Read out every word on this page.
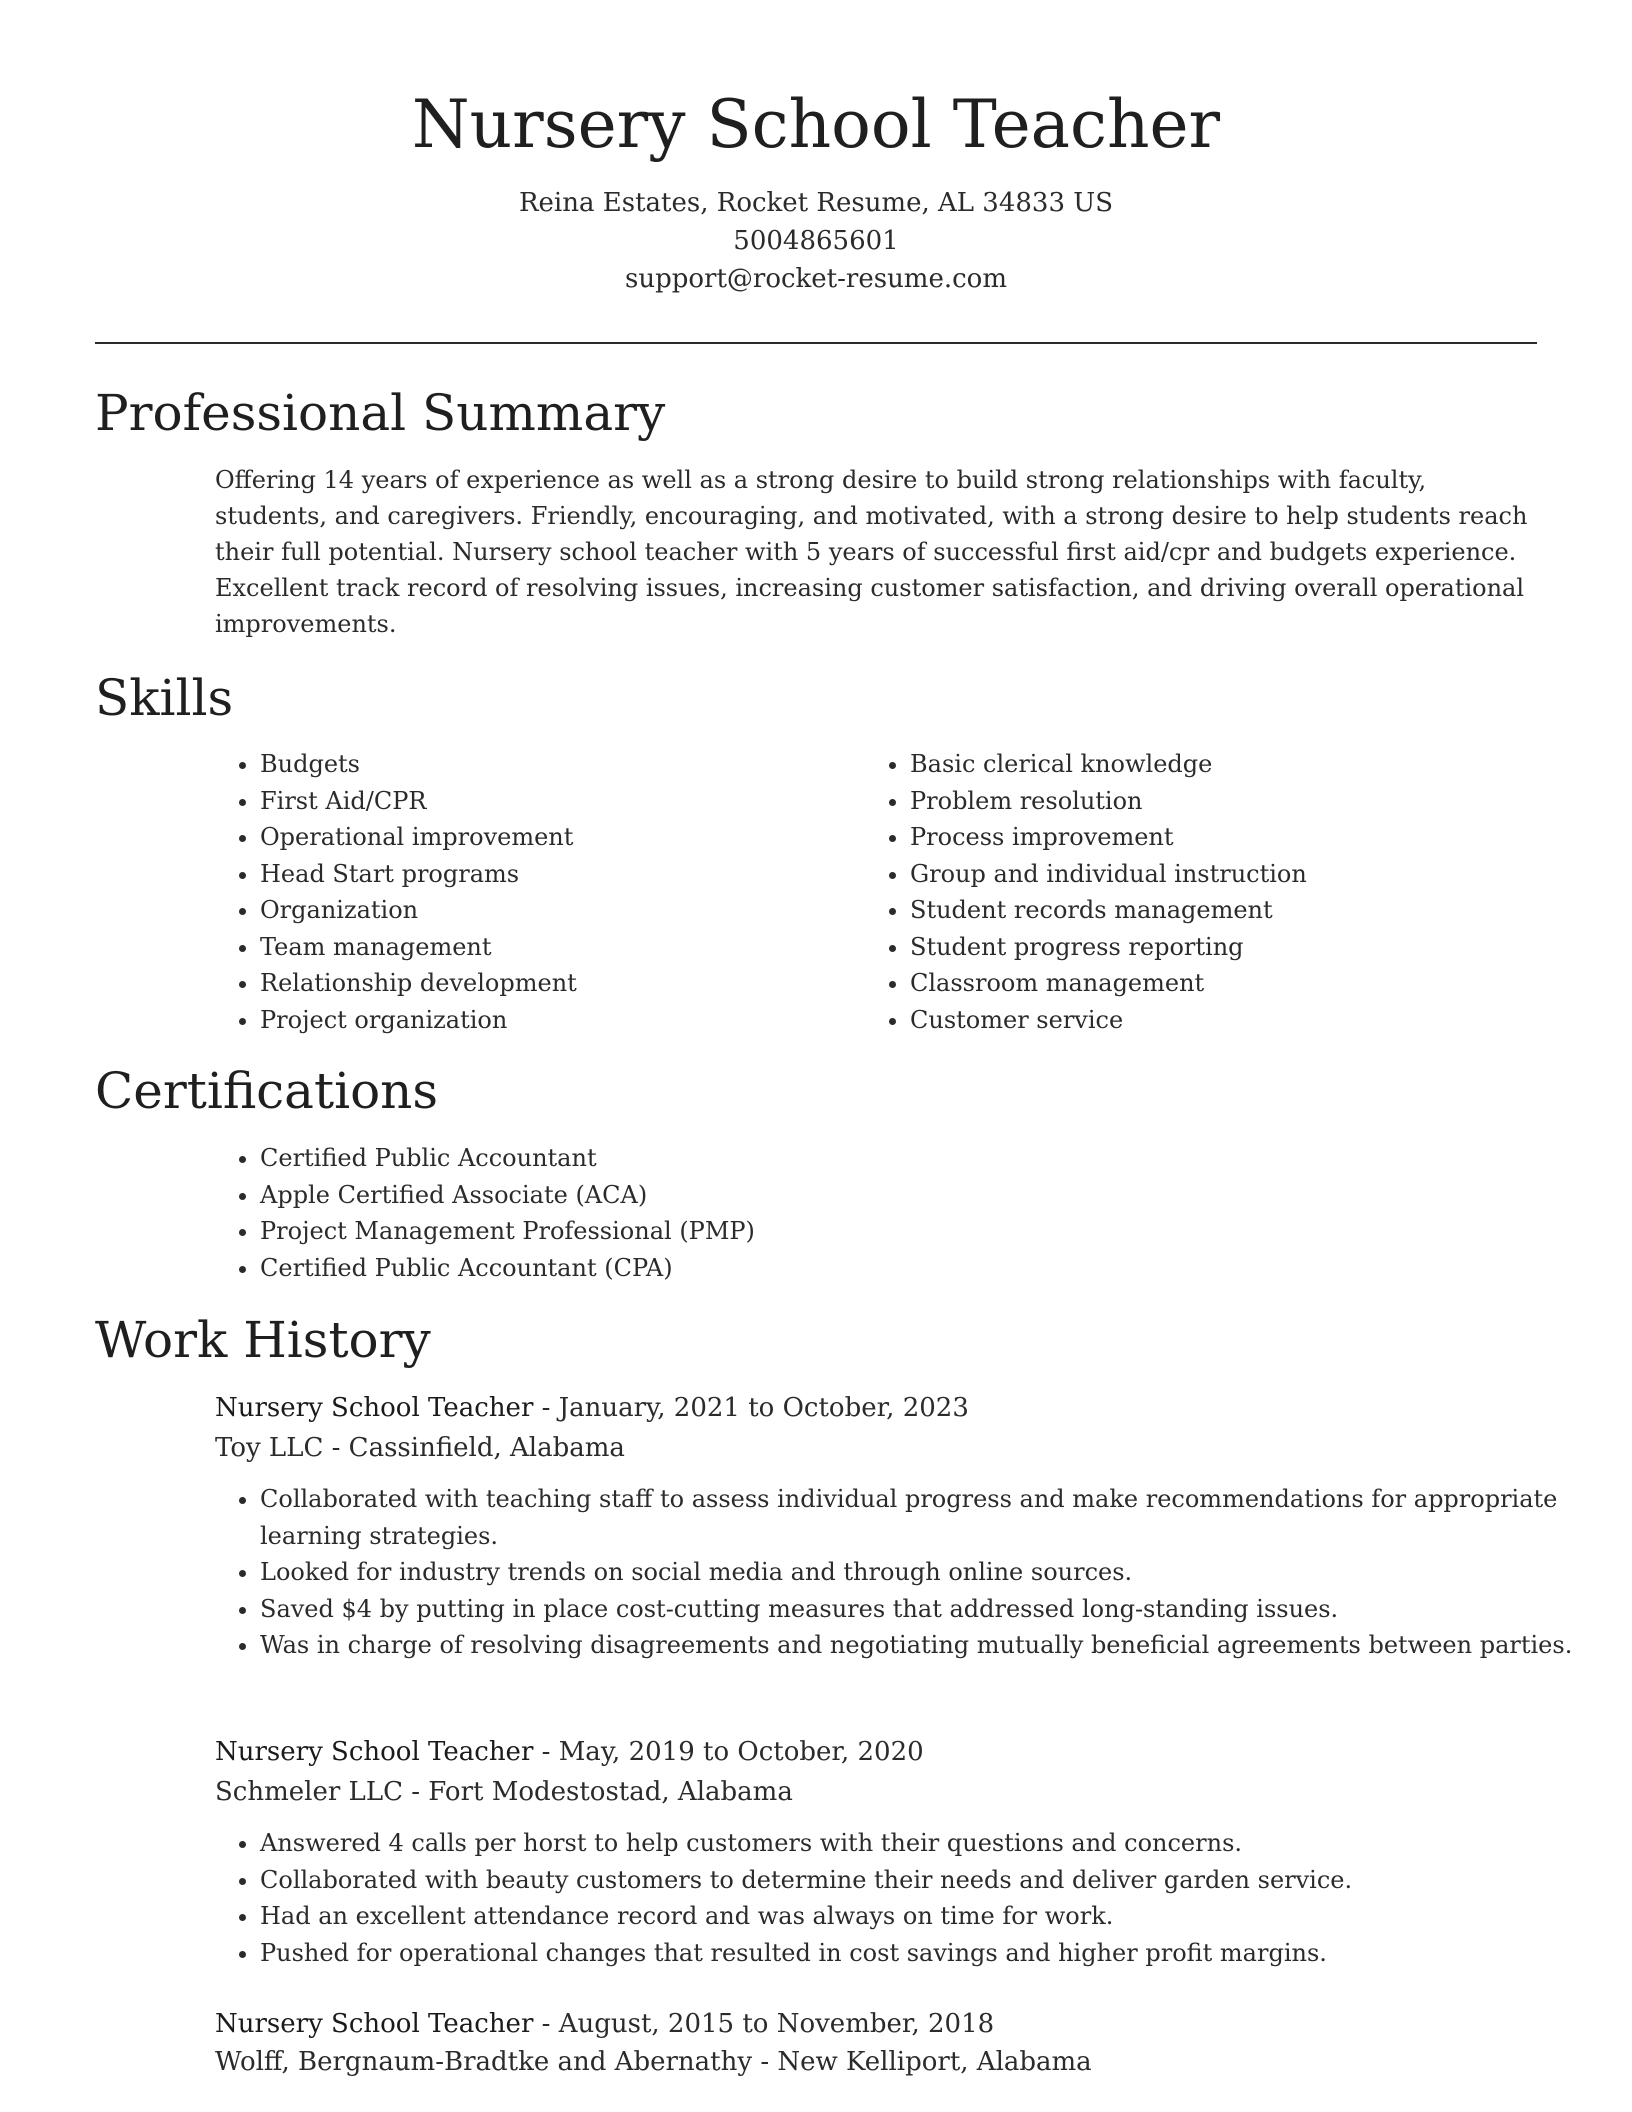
Nursery School Teacher
Reina Estates, Rocket Resume, AL 34833 US
5004865601
support@rocket-resume.com
Professional Summary

Offering 14 years of experience as well as a strong desire to build strong relationships with faculty, students, and caregivers. Friendly, encouraging, and motivated, with a strong desire to help students reach their full potential. Nursery school teacher with 5 years of successful first aid/cpr and budgets experience. Excellent track record of resolving issues, increasing customer satisfaction, and driving overall operational improvements.

Skills
• Budgets
• First Aid/CPR
• Operational improvement
• Head Start programs
• Organization
• Team management
• Relationship development
• Project organization
• Basic clerical knowledge
• Problem resolution
• Process improvement
• Group and individual instruction
• Student records management
• Student progress reporting
• Classroom management
• Customer service
Certifications
• Certified Public Accountant
• Apple Certified Associate (ACA)
• Project Management Professional (PMP)
• Certified Public Accountant (CPA)
Work History
Nursery School Teacher - January, 2021 to October, 2023
Toy LLC - Cassinfield, Alabama
• Collaborated with teaching staff to assess individual progress and make recommendations for appropriate learning strategies.
• Looked for industry trends on social media and through online sources.
• Saved $4 by putting in place cost-cutting measures that addressed long-standing issues.
• Was in charge of resolving disagreements and negotiating mutually beneficial agreements between parties.
Nursery School Teacher - May, 2019 to October, 2020
Schmeler LLC - Fort Modestostad, Alabama
• Answered 4 calls per horst to help customers with their questions and concerns.
• Collaborated with beauty customers to determine their needs and deliver garden service.
• Had an excellent attendance record and was always on time for work.
• Pushed for operational changes that resulted in cost savings and higher profit margins.
Nursery School Teacher - August, 2015 to November, 2018
Wolff, Bergnaum-Bradtke and Abernathy - New Kelliport, Alabama
